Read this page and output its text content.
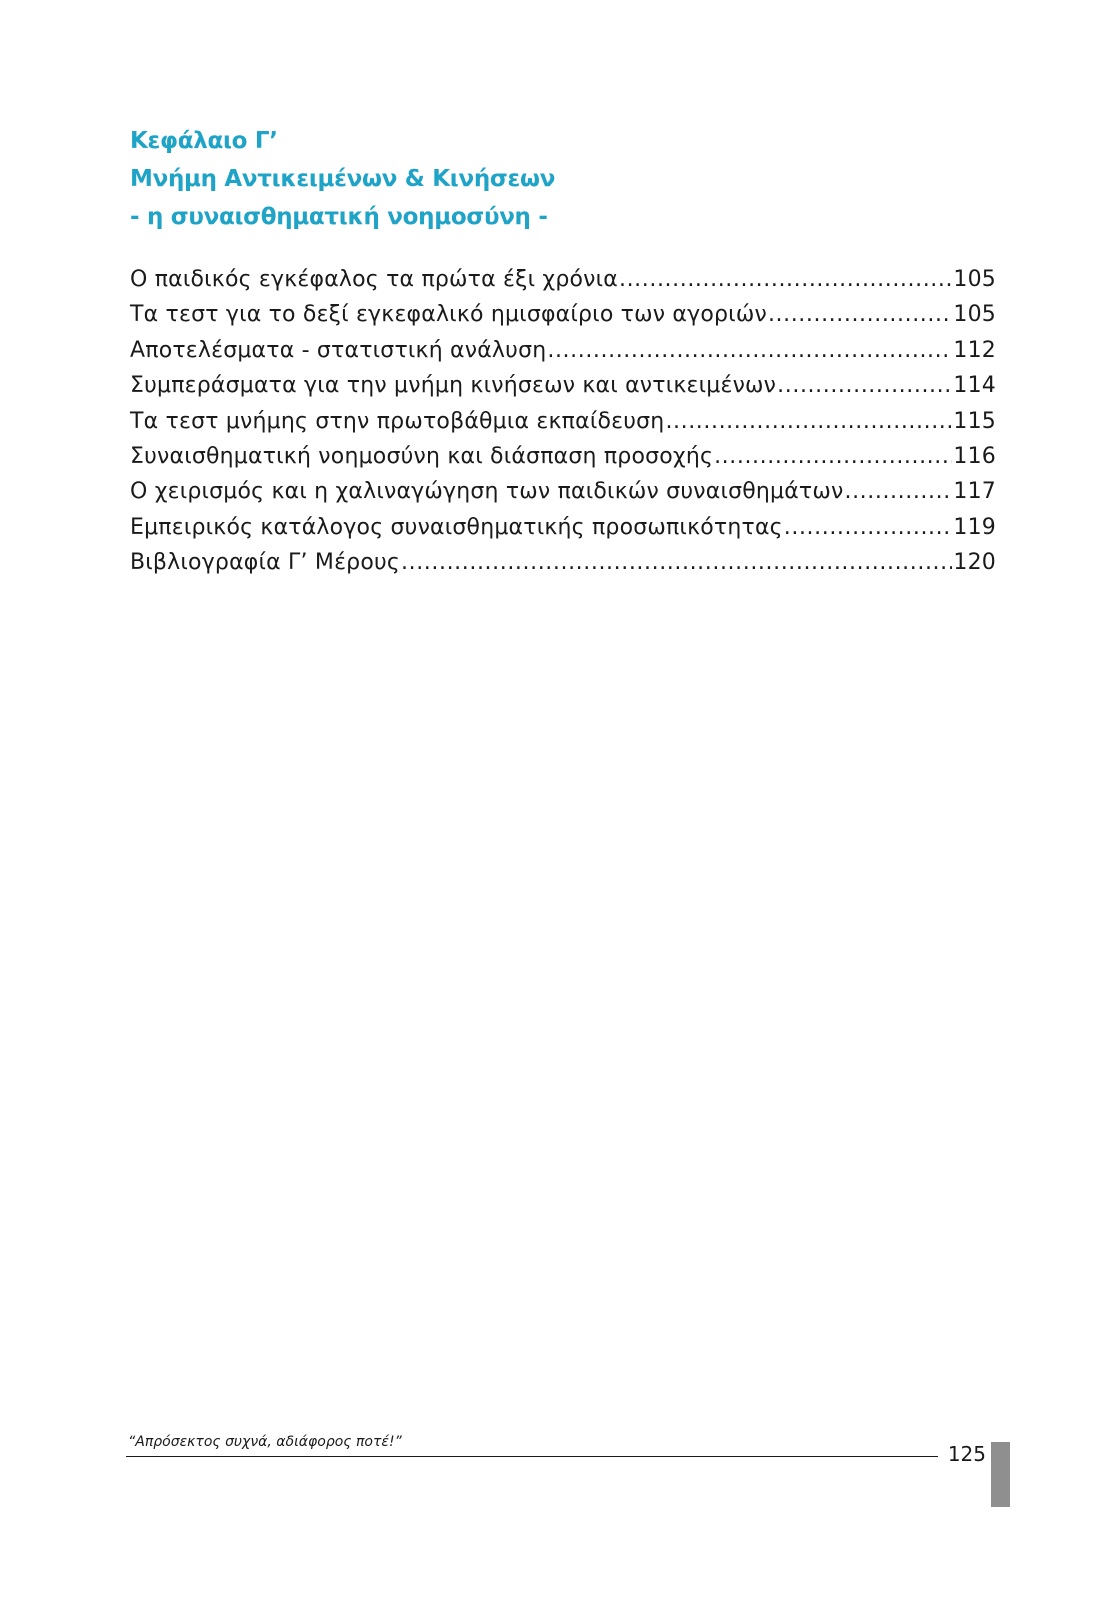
Κεφάλαιο Γ’
Μνήμη Αντικειμένων & Κινήσεων
- η συναισθηματική νοημοσύνη -
Ο παιδικός εγκέφαλος τα πρώτα έξι χρόνια .....	105
Τα τεστ για το δεξί εγκεφαλικό ημισφαίριο των αγοριών .....	105
Αποτελέσματα - στατιστική ανάλυση .....	112
Συμπεράσματα για την μνήμη κινήσεων και αντικειμένων .....	114
Τα τεστ μνήμης στην πρωτοβάθμια εκπαίδευση .....	115
Συναισθηματική νοημοσύνη και διάσπαση προσοχής .....	116
Ο χειρισμός και η χαλιναγώγηση των παιδικών συναισθημάτων .....	117
Εμπειρικός κατάλογος συναισθηματικής προσωπικότητας .....	119
Βιβλιογραφία Γ’ Μέρους .....	120
“Απρόσεκτος συχνά, αδιάφορος ποτέ!”	125
